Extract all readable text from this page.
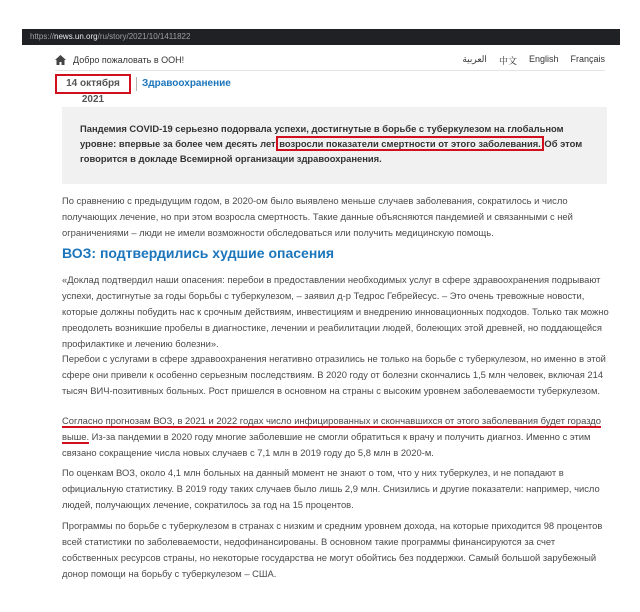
https://news.un.org/ru/story/2021/10/1411822
Добро пожаловать в ООН!	العربية 中文 English Français
14 октября 2021
Здравоохранение
Пандемия COVID-19 серьезно подорвала успехи, достигнутые в борьбе с туберкулезом на глобальном уровне: впервые за более чем десять лет возросли показатели смертности от этого заболевания. Об этом говорится в докладе Всемирной организации здравоохранения.

По сравнению с предыдущим годом, в 2020-ом было выявлено меньше случаев заболевания, сократилось и число получающих лечение, но при этом возросла смертность. Такие данные объясняются пандемией и связанными с ней ограничениями – люди не имели возможности обследоваться или получить медицинскую помощь.

ВОЗ: подтвердились худшие опасения

«Доклад подтвердил наши опасения: перебои в предоставлении необходимых услуг в сфере здравоохранения подрывают успехи, достигнутые за годы борьбы с туберкулезом, – заявил д-р Тедрос Гебрейесус. – Это очень тревожные новости, которые должны побудить нас к срочным действиям, инвестициям и внедрению инновационных подходов. Только так можно преодолеть возникшие пробелы в диагностике, лечении и реабилитации людей, болеющих этой древней, но поддающейся профилактике и лечению болезни».

Перебои с услугами в сфере здравоохранения негативно отразились не только на борьбе с туберкулезом, но именно в этой сфере они привели к особенно серьезным последствиям. В 2020 году от болезни скончались 1,5 млн человек, включая 214 тысяч ВИЧ-позитивных больных. Рост пришелся в основном на страны с высоким уровнем заболеваемости туберкулезом.

Согласно прогнозам ВОЗ, в 2021 и 2022 годах число инфицированных и скончавшихся от этого заболевания будет гораздо выше. Из-за пандемии в 2020 году многие заболевшие не смогли обратиться к врачу и получить диагноз. Именно с этим связано сокращение числа новых случаев с 7,1 млн в 2019 году до 5,8 млн в 2020-м.

По оценкам ВОЗ, около 4,1 млн больных на данный момент не знают о том, что у них туберкулез, и не попадают в официальную статистику. В 2019 году таких случаев было лишь 2,9 млн. Снизились и другие показатели: например, число людей, получающих лечение, сократилось за год на 15 процентов.

Программы по борьбе с туберкулезом в странах с низким и средним уровнем дохода, на которые приходится 98 процентов всей статистики по заболеваемости, недофинансированы. В основном такие программы финансируются за счет собственных ресурсов страны, но некоторые государства не могут обойтись без поддержки. Самый большой зарубежный донор помощи на борьбу с туберкулезом – США.
